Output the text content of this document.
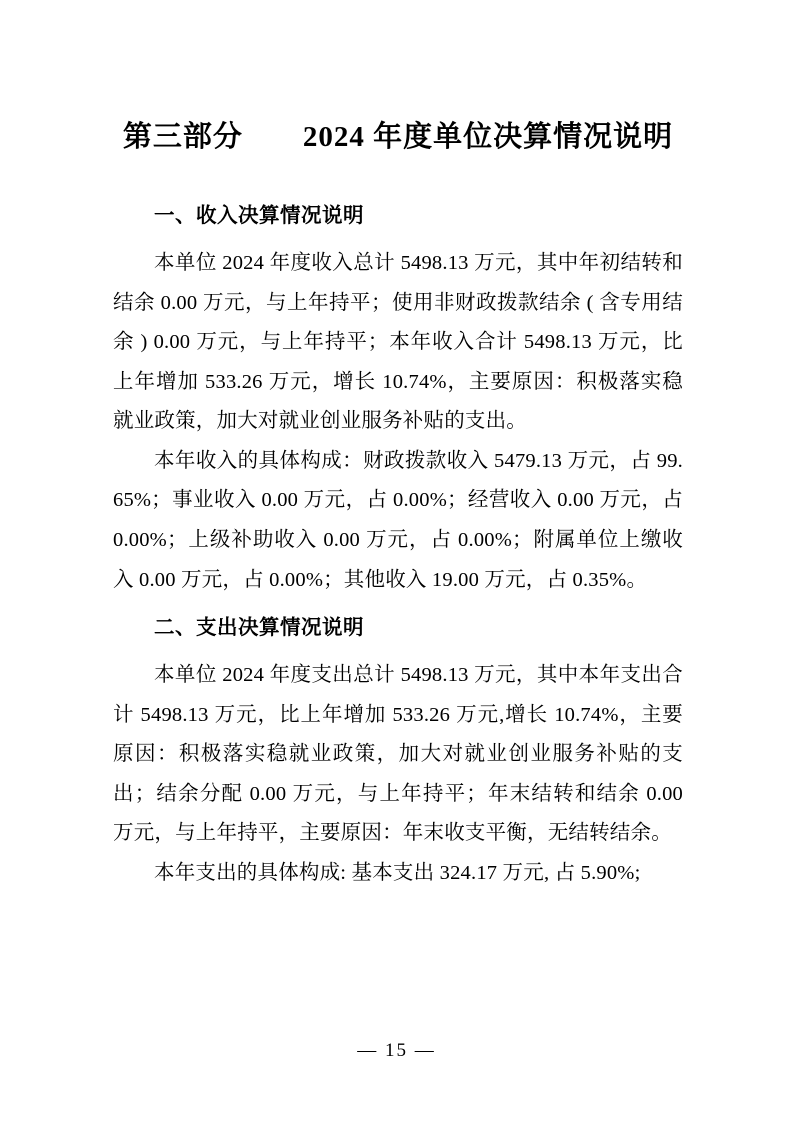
第三部分　　2024 年度单位决算情况说明
一、收入决算情况说明

本单位 2024 年度收入总计 5498.13 万元，其中年初结转和结余 0.00 万元，与上年持平；使用非财政拨款结余 ( 含专用结余 ) 0.00 万元，与上年持平；本年收入合计 5498.13 万元，比上年增加 533.26 万元，增长 10.74%，主要原因：积极落实稳就业政策，加大对就业创业服务补贴的支出。

本年收入的具体构成：财政拨款收入 5479.13 万元，占 99.65%；事业收入 0.00 万元，占 0.00%；经营收入 0.00 万元，占 0.00%；上级补助收入 0.00 万元，占 0.00%；附属单位上缴收入 0.00 万元，占 0.00%；其他收入 19.00 万元，占 0.35%。

二、支出决算情况说明

本单位 2024 年度支出总计 5498.13 万元，其中本年支出合计 5498.13 万元，比上年增加 533.26 万元,增长 10.74%，主要原因：积极落实稳就业政策，加大对就业创业服务补贴的支出；结余分配 0.00 万元，与上年持平；年末结转和结余 0.00 万元，与上年持平，主要原因：年末收支平衡，无结转结余。

本年支出的具体构成: 基本支出 324.17 万元, 占 5.90%;

— 15 —
